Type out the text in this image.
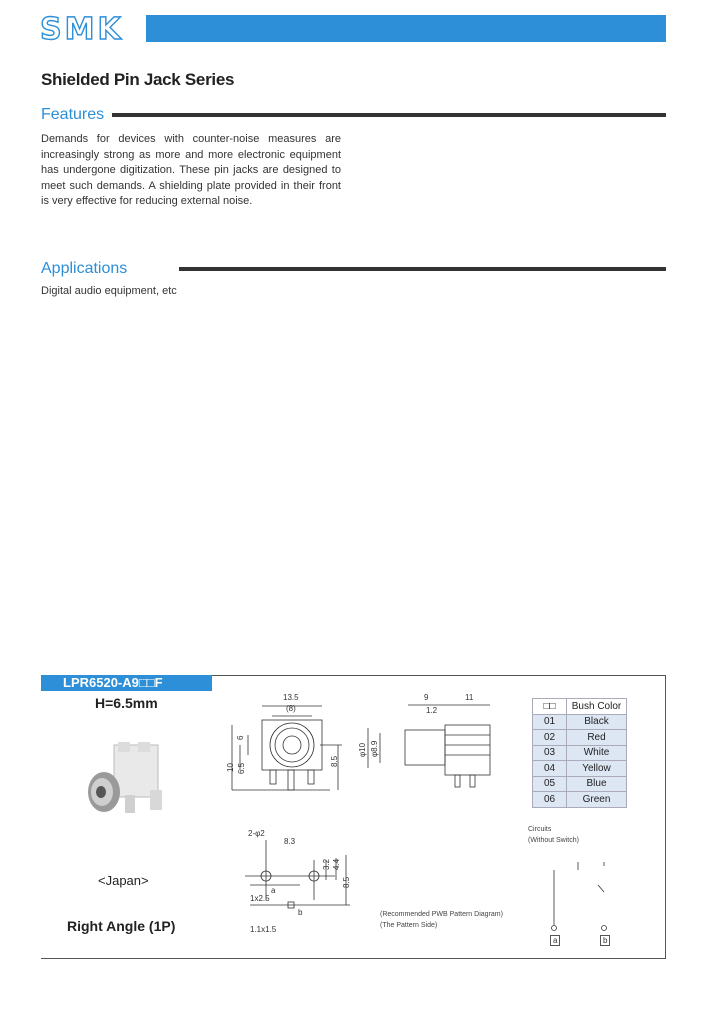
SMK
Shielded Pin Jack Series
Features

Demands for devices with counter-noise measures are increasingly strong as more and more electronic equipment has undergone digitization. These pin jacks are designed to meet such demands. A shielding plate provided in their front is very effective for reducing external noise.

Applications

Digital audio equipment, etc

LPR6520-A9□□F
H=6.5mm
<Japan>
Right Angle (1P)
13.5
(8)
6
10 6.5
8.5
9	11
1.2
φ10 φ8.9
□□	Bush Color
01	Black
02	Red
03	White
04	Yellow
05	Blue
06	Green
2-φ2
8.3
3.2 4.4
8.5
1x2.5
1.1x1.5
a
b	(Recommended PWB Pattern Diagram)
(The Pattern Side)
Circuits
(Without Switch)
a	b
